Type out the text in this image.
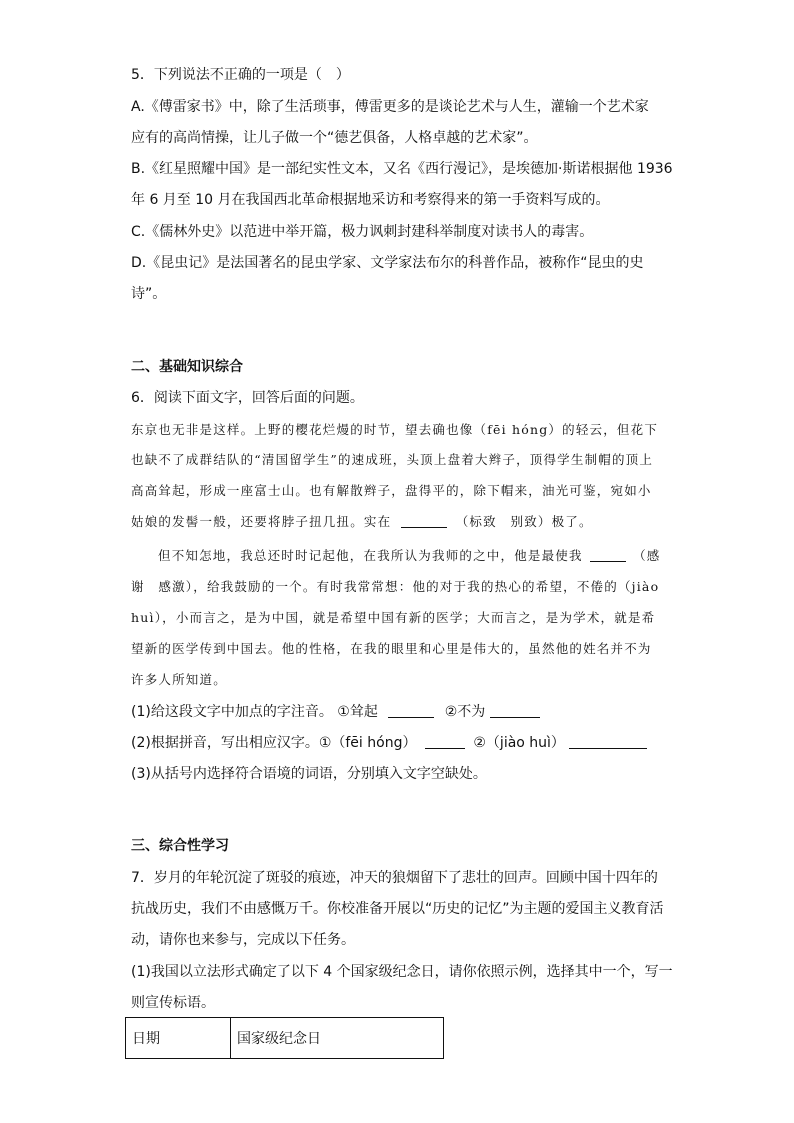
5．下列说法不正确的一项是（　）
A.《傅雷家书》中，除了生活琐事，傅雷更多的是谈论艺术与人生，灌输一个艺术家
应有的高尚情操，让儿子做一个“德艺俱备，人格卓越的艺术家”。
B.《红星照耀中国》是一部纪实性文本，又名《西行漫记》，是埃德加·斯诺根据他 1936
年 6 月至 10 月在我国西北革命根据地采访和考察得来的第一手资料写成的。
C.《儒林外史》以范进中举开篇，极力讽刺封建科举制度对读书人的毒害。
D.《昆虫记》是法国著名的昆虫学家、文学家法布尔的科普作品，被称作“昆虫的史
诗”。
二、基础知识综合
6．阅读下面文字，回答后面的问题。
东京也无非是这样。上野的樱花烂熳的时节，望去确也像（fēi hóng）的轻云，但花下
也缺不了成群结队的“清国留学生”的速成班，头顶上盘着大辫子，顶得学生制帽的顶上
高高耸起，形成一座富士山。也有解散辫子，盘得平的，除下帽来，油光可鉴，宛如小
姑娘的发髻一般，还要将脖子扭几扭。实在	（标致　别致）极了。
但不知怎地，我总还时时记起他，在我所认为我师的之中，他是最使我	（感
谢　感激），给我鼓励的一个。有时我常常想：他的对于我的热心的希望，不倦的（jiào
huì），小而言之，是为中国，就是希望中国有新的医学；大而言之，是为学术，就是希
望新的医学传到中国去。他的性格，在我的眼里和心里是伟大的，虽然他的姓名并不为
许多人所知道。
(1)给这段文字中加点的字注音。 ①耸起	②不为
(2)根据拼音，写出相应汉字。①（fēi hóng）	②（jiào huì）
(3)从括号内选择符合语境的词语，分别填入文字空缺处。
三、综合性学习
7．岁月的年轮沉淀了斑驳的痕迹，冲天的狼烟留下了悲壮的回声。回顾中国十四年的
抗战历史，我们不由感慨万千。你校准备开展以“历史的记忆”为主题的爱国主义教育活
动，请你也来参与，完成以下任务。
(1)我国以立法形式确定了以下 4 个国家级纪念日，请你依照示例，选择其中一个，写一
则宣传标语。
日期	国家级纪念日
